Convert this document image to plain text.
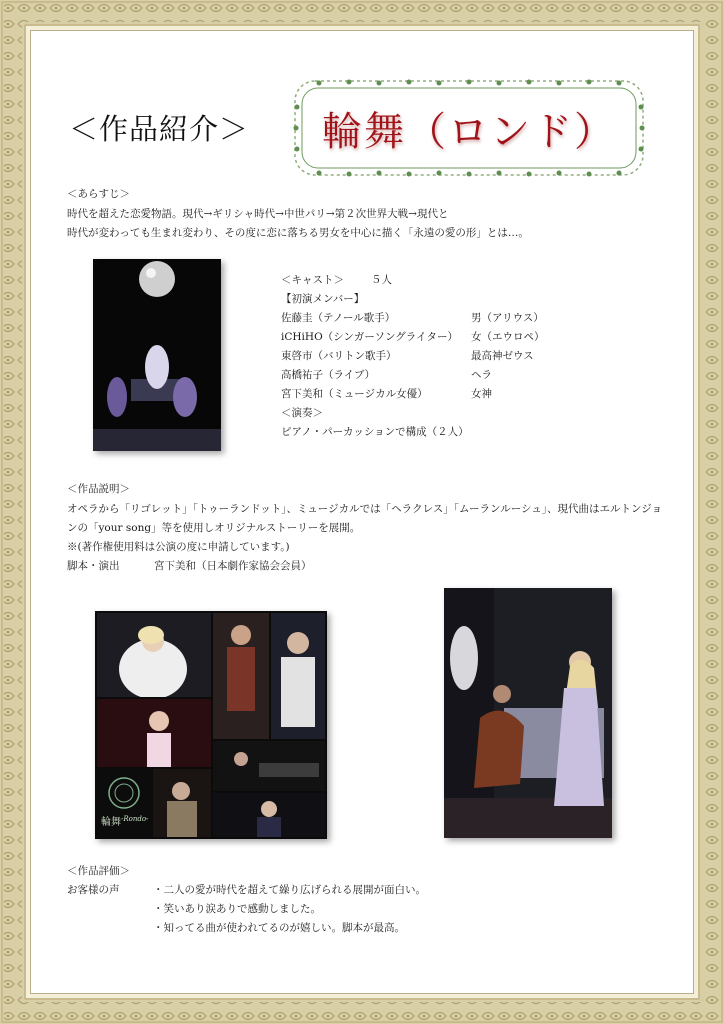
＜作品紹介＞	輪舞（ロンド）
＜あらすじ＞
時代を超えた恋愛物語。現代→ギリシャ時代→中世パリ→第２次世界大戦→現代と
時代が変わっても生まれ変わり、その度に恋に落ちる男女を中心に描く「永遠の愛の形」とは…。
＜キャスト＞	５人
【初演メンバー】
佐藤圭（テノール歌手）	男（アリウス）
iCHiHO（シンガーソングライター） 女（エウロペ）
東啓市（バリトン歌手）	最高神ゼウス
高橋祐子（ライブ）	ヘラ
宮下美和（ミュージカル女優）	女神
＜演奏＞
ピアノ・パーカッションで構成（２人）
＜作品説明＞
オペラから「リゴレット」「トゥーランドット」、ミュージカルでは「ヘラクレス」「ムーランルーシュ」、現代曲はエルトンジョ
ンの「your song」等を使用しオリジナルストーリーを展開。
※(著作権使用料は公演の度に申請しています。)
脚本・演出	宮下美和（日本劇作家協会会員）
輪舞 -Rondo-
＜作品評価＞
お客様の声	・二人の愛が時代を超えて繰り広げられる展開が面白い。
・笑いあり涙ありで感動しました。
・知ってる曲が使われてるのが嬉しい。脚本が最高。
